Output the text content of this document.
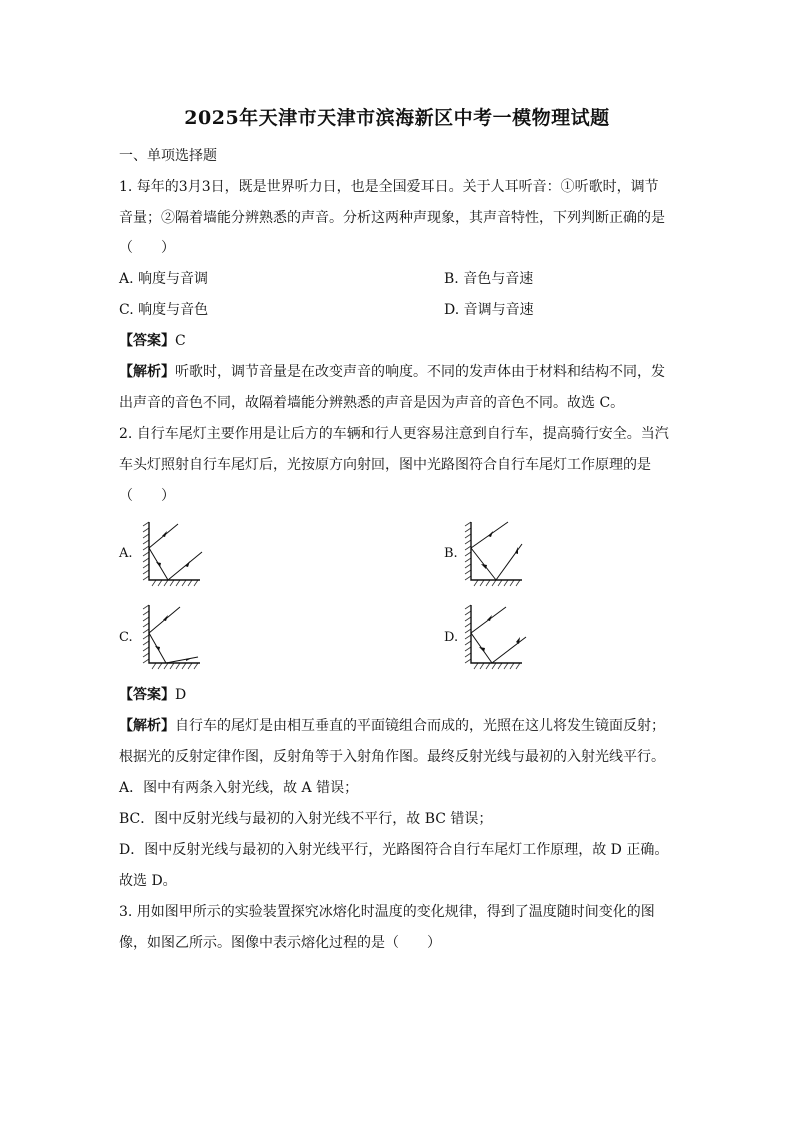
2025年天津市天津市滨海新区中考一模物理试题
一、单项选择题
1. 每年的3月3日，既是世界听力日，也是全国爱耳日。关于人耳听音：①听歌时，调节
音量；②隔着墙能分辨熟悉的声音。分析这两种声现象，其声音特性，下列判断正确的是
（　　）
A. 响度与音调	B. 音色与音速
C. 响度与音色	D. 音调与音速
【答案】C
【解析】听歌时，调节音量是在改变声音的响度。不同的发声体由于材料和结构不同，发
出声音的音色不同，故隔着墙能分辨熟悉的声音是因为声音的音色不同。故选 C。
2. 自行车尾灯主要作用是让后方的车辆和行人更容易注意到自行车，提高骑行安全。当汽
车头灯照射自行车尾灯后，光按原方向射回，图中光路图符合自行车尾灯工作原理的是
（　　）
A.	B.
C.	D.
【答案】D
【解析】自行车的尾灯是由相互垂直的平面镜组合而成的，光照在这儿将发生镜面反射；
根据光的反射定律作图，反射角等于入射角作图。最终反射光线与最初的入射光线平行。
A．图中有两条入射光线，故 A 错误；
BC．图中反射光线与最初的入射光线不平行，故 BC 错误；
D．图中反射光线与最初的入射光线平行，光路图符合自行车尾灯工作原理，故 D 正确。
故选 D。
3. 用如图甲所示的实验装置探究冰熔化时温度的变化规律，得到了温度随时间变化的图
像，如图乙所示。图像中表示熔化过程的是（　　）
